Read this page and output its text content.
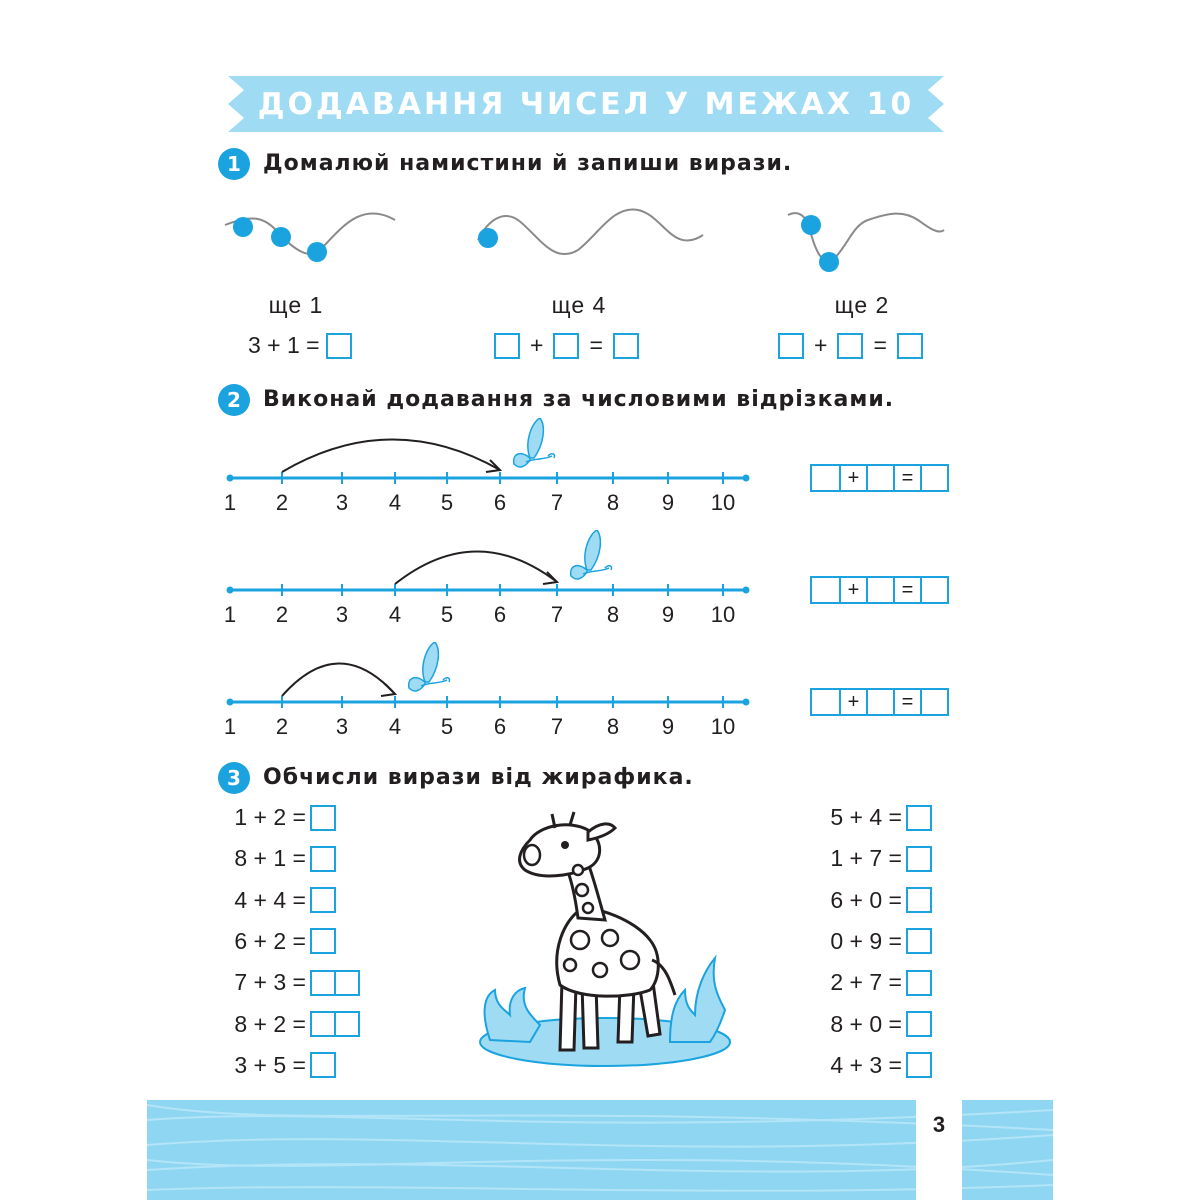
ДОДАВАННЯ ЧИСЕЛ У МЕЖАХ 10
1	Домалюй намистини й запиши вирази.
ще 1	ще 4	ще 2
3 + 1 =	+ =	+ =
2	Виконай додавання за числовими відрізками.
1	2	3	4	5	6	7	8	9	10
+	=
1	2	3	4	5	6	7	8	9	10
+	=
1	2	3	4	5	6	7	8	9	10
+	=
3	Обчисли вирази від жирафика.
1 + 2 =
8 + 1 =
4 + 4 =
6 + 2 =
7 + 3 =
8 + 2 =
3 + 5 =
5 + 4 =
1 + 7 =
6 + 0 =
0 + 9 =
2 + 7 =
8 + 0 =
4 + 3 =
3
